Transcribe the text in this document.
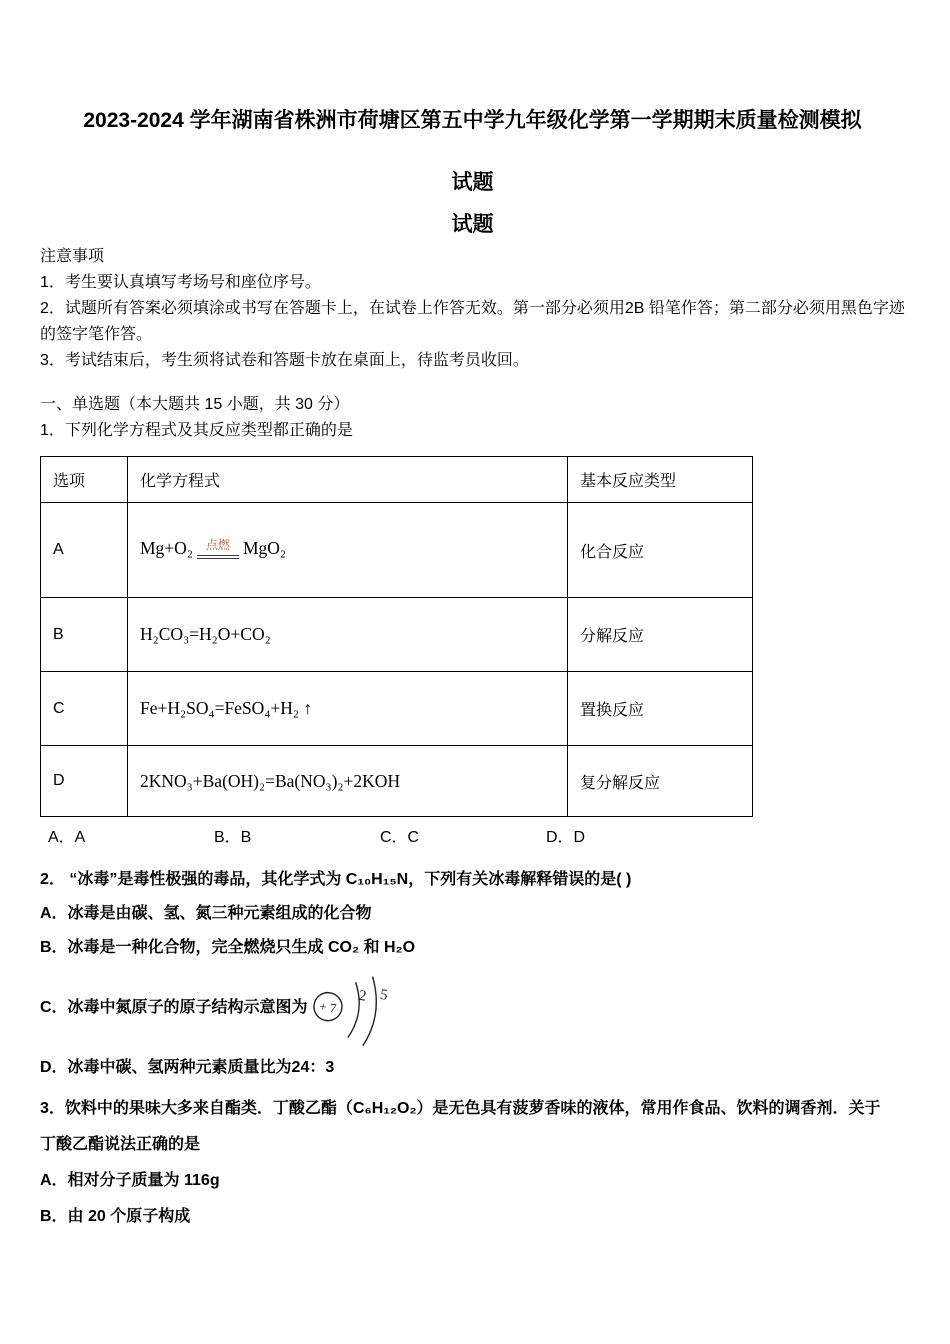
2023-2024 学年湖南省株洲市荷塘区第五中学九年级化学第一学期期末质量检测模拟
试题
试题
注意事项
1．考生要认真填写考场号和座位序号。
2．试题所有答案必须填涂或书写在答题卡上，在试卷上作答无效。第一部分必须用2B 铅笔作答；第二部分必须用黑色字迹的签字笔作答。
3．考试结束后，考生须将试卷和答题卡放在桌面上，待监考员收回。
一、单选题（本大题共 15 小题，共 30 分）
1．下列化学方程式及其反应类型都正确的是
选项	化学方程式	基本反应类型
A	Mg+O₂ 点燃 MgO₂	化合反应
B	H₂CO₃=H₂O+CO₂	分解反应
C	Fe+H₂SO₄=FeSO₄+H₂ ↑	置换反应
D	2KNO₃+Ba(OH)₂=Ba(NO₃)₂+2KOH	复分解反应
A．A	B．B	C．C	D．D
2． “冰毒”是毒性极强的毒品，其化学式为 C₁₀H₁₅N，下列有关冰毒解释错误的是( )
A．冰毒是由碳、氢、氮三种元素组成的化合物
B．冰毒是一种化合物，完全燃烧只生成 CO₂ 和 H₂O
C．冰毒中氮原子的原子结构示意图为 + 7
2 5
D．冰毒中碳、氢两种元素质量比为24：3
3．饮料中的果味大多来自酯类．丁酸乙酯（C₆H₁₂O₂）是无色具有菠萝香味的液体，常用作食品、饮料的调香剂．关于丁酸乙酯说法正确的是
A．相对分子质量为 116g
B．由 20 个原子构成
